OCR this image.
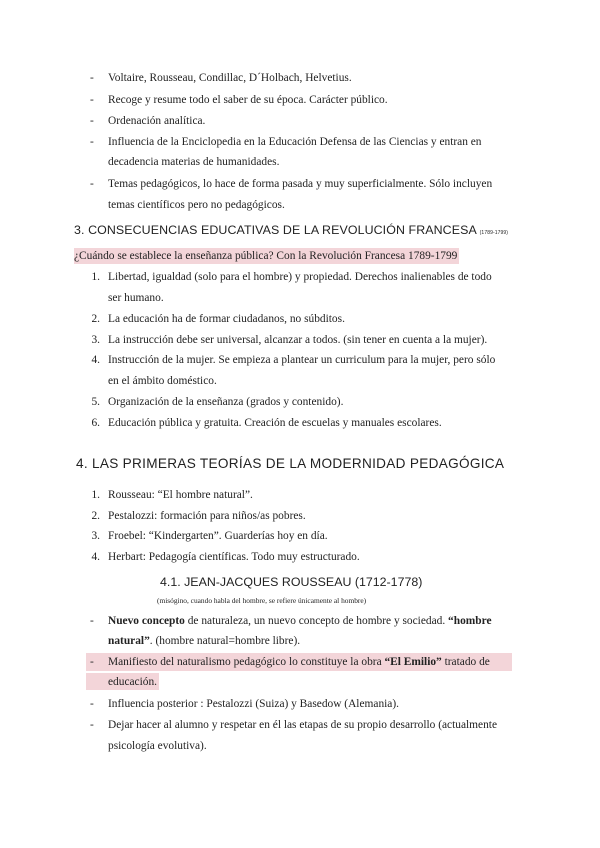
- Voltaire, Rousseau, Condillac, D´Holbach, Helvetius.
- Recoge y resume todo el saber de su época. Carácter público.
- Ordenación analítica.
- Influencia de la Enciclopedia en la Educación Defensa de las Ciencias y entran en
decadencia materias de humanidades.
- Temas pedagógicos, lo hace de forma pasada y muy superficialmente. Sólo incluyen
temas científicos pero no pedagógicos.
3. CONSECUENCIAS EDUCATIVAS DE LA REVOLUCIÓN FRANCESA (1789-1799)
¿Cuándo se establece la enseñanza pública? Con la Revolución Francesa 1789-1799
1. Libertad, igualdad (solo para el hombre) y propiedad. Derechos inalienables de todo
ser humano.
2. La educación ha de formar ciudadanos, no súbditos.
3. La instrucción debe ser universal, alcanzar a todos. (sin tener en cuenta a la mujer).
4. Instrucción de la mujer. Se empieza a plantear un curriculum para la mujer, pero sólo
en el ámbito doméstico.
5. Organización de la enseñanza (grados y contenido).
6. Educación pública y gratuita. Creación de escuelas y manuales escolares.
4. LAS PRIMERAS TEORÍAS DE LA MODERNIDAD PEDAGÓGICA
1. Rousseau: “El hombre natural”.
2. Pestalozzi: formación para niños/as pobres.
3. Froebel: “Kindergarten”. Guarderías hoy en día.
4. Herbart: Pedagogía científicas. Todo muy estructurado.
4.1. JEAN-JACQUES ROUSSEAU (1712-1778)
(misógino, cuando habla del hombre, se refiere únicamente al hombre)
- Nuevo concepto de naturaleza, un nuevo concepto de hombre y sociedad. “hombre
natural”. (hombre natural=hombre libre).
- Manifiesto del naturalismo pedagógico lo constituye la obra “El Emilio” tratado de
educación.
- Influencia posterior : Pestalozzi (Suiza) y Basedow (Alemania).
- Dejar hacer al alumno y respetar en él las etapas de su propio desarrollo (actualmente
psicología evolutiva).
